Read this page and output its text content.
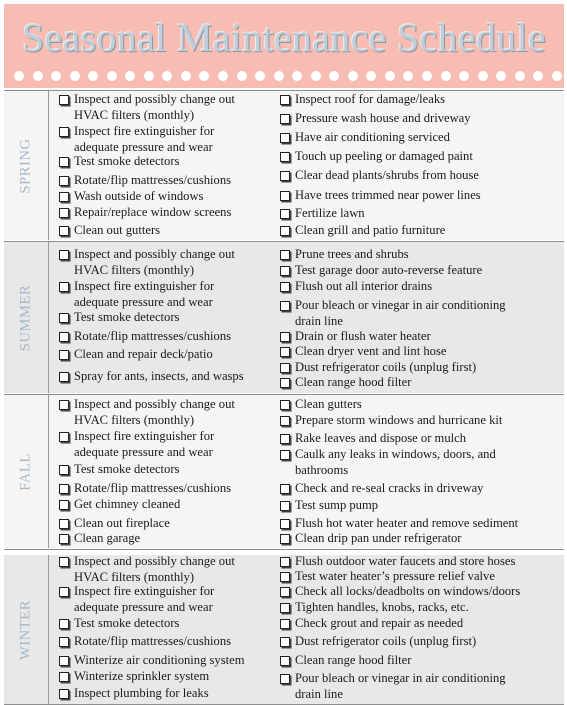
Seasonal Maintenance Schedule
SPRING
Inspect and possibly change out
HVAC filters (monthly)
Inspect fire extinguisher for
adequate pressure and wear
Test smoke detectors
Rotate/flip mattresses/cushions
Wash outside of windows
Repair/replace window screens
Clean out gutters
Inspect roof for damage/leaks
Pressure wash house and driveway
Have air conditioning serviced
Touch up peeling or damaged paint
Clear dead plants/shrubs from house
Have trees trimmed near power lines
Fertilize lawn
Clean grill and patio furniture
SUMMER
Inspect and possibly change out
HVAC filters (monthly)
Inspect fire extinguisher for
adequate pressure and wear
Test smoke detectors
Rotate/flip mattresses/cushions
Clean and repair deck/patio
Spray for ants, insects, and wasps
Prune trees and shrubs
Test garage door auto-reverse feature
Flush out all interior drains
Pour bleach or vinegar in air conditioning
drain line
Drain or flush water heater
Clean dryer vent and lint hose
Dust refrigerator coils (unplug first)
Clean range hood filter
FALL
Inspect and possibly change out
HVAC filters (monthly)
Inspect fire extinguisher for
adequate pressure and wear
Test smoke detectors
Rotate/flip mattresses/cushions
Get chimney cleaned
Clean out fireplace
Clean garage
Clean gutters
Prepare storm windows and hurricane kit
Rake leaves and dispose or mulch
Caulk any leaks in windows, doors, and
bathrooms
Check and re-seal cracks in driveway
Test sump pump
Flush hot water heater and remove sediment
Clean drip pan under refrigerator
WINTER
Inspect and possibly change out
HVAC filters (monthly)
Inspect fire extinguisher for
adequate pressure and wear
Test smoke detectors
Rotate/flip mattresses/cushions
Winterize air conditioning system
Winterize sprinkler system
Inspect plumbing for leaks
Flush outdoor water faucets and store hoses
Test water heater’s pressure relief valve
Check all locks/deadbolts on windows/doors
Tighten handles, knobs, racks, etc.
Check grout and repair as needed
Dust refrigerator coils (unplug first)
Clean range hood filter
Pour bleach or vinegar in air conditioning
drain line
